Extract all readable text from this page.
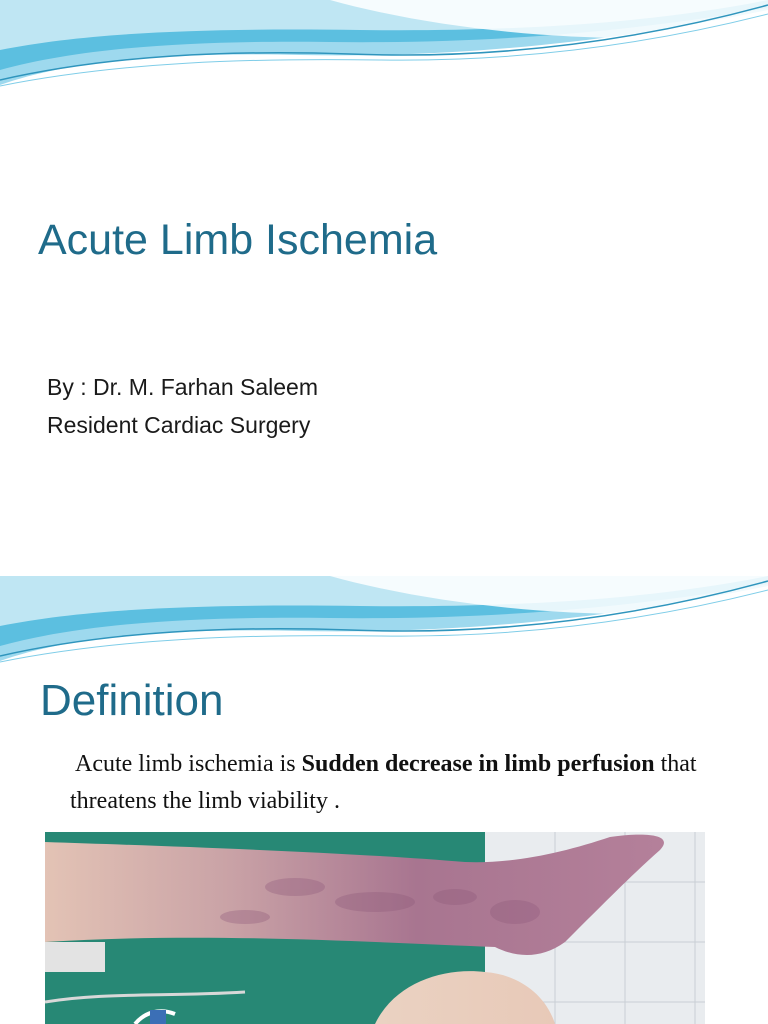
Acute Limb Ischemia
By : Dr. M. Farhan Saleem
Resident Cardiac Surgery
Definition
Acute limb ischemia is Sudden decrease in limb perfusion that threatens the limb viability .
